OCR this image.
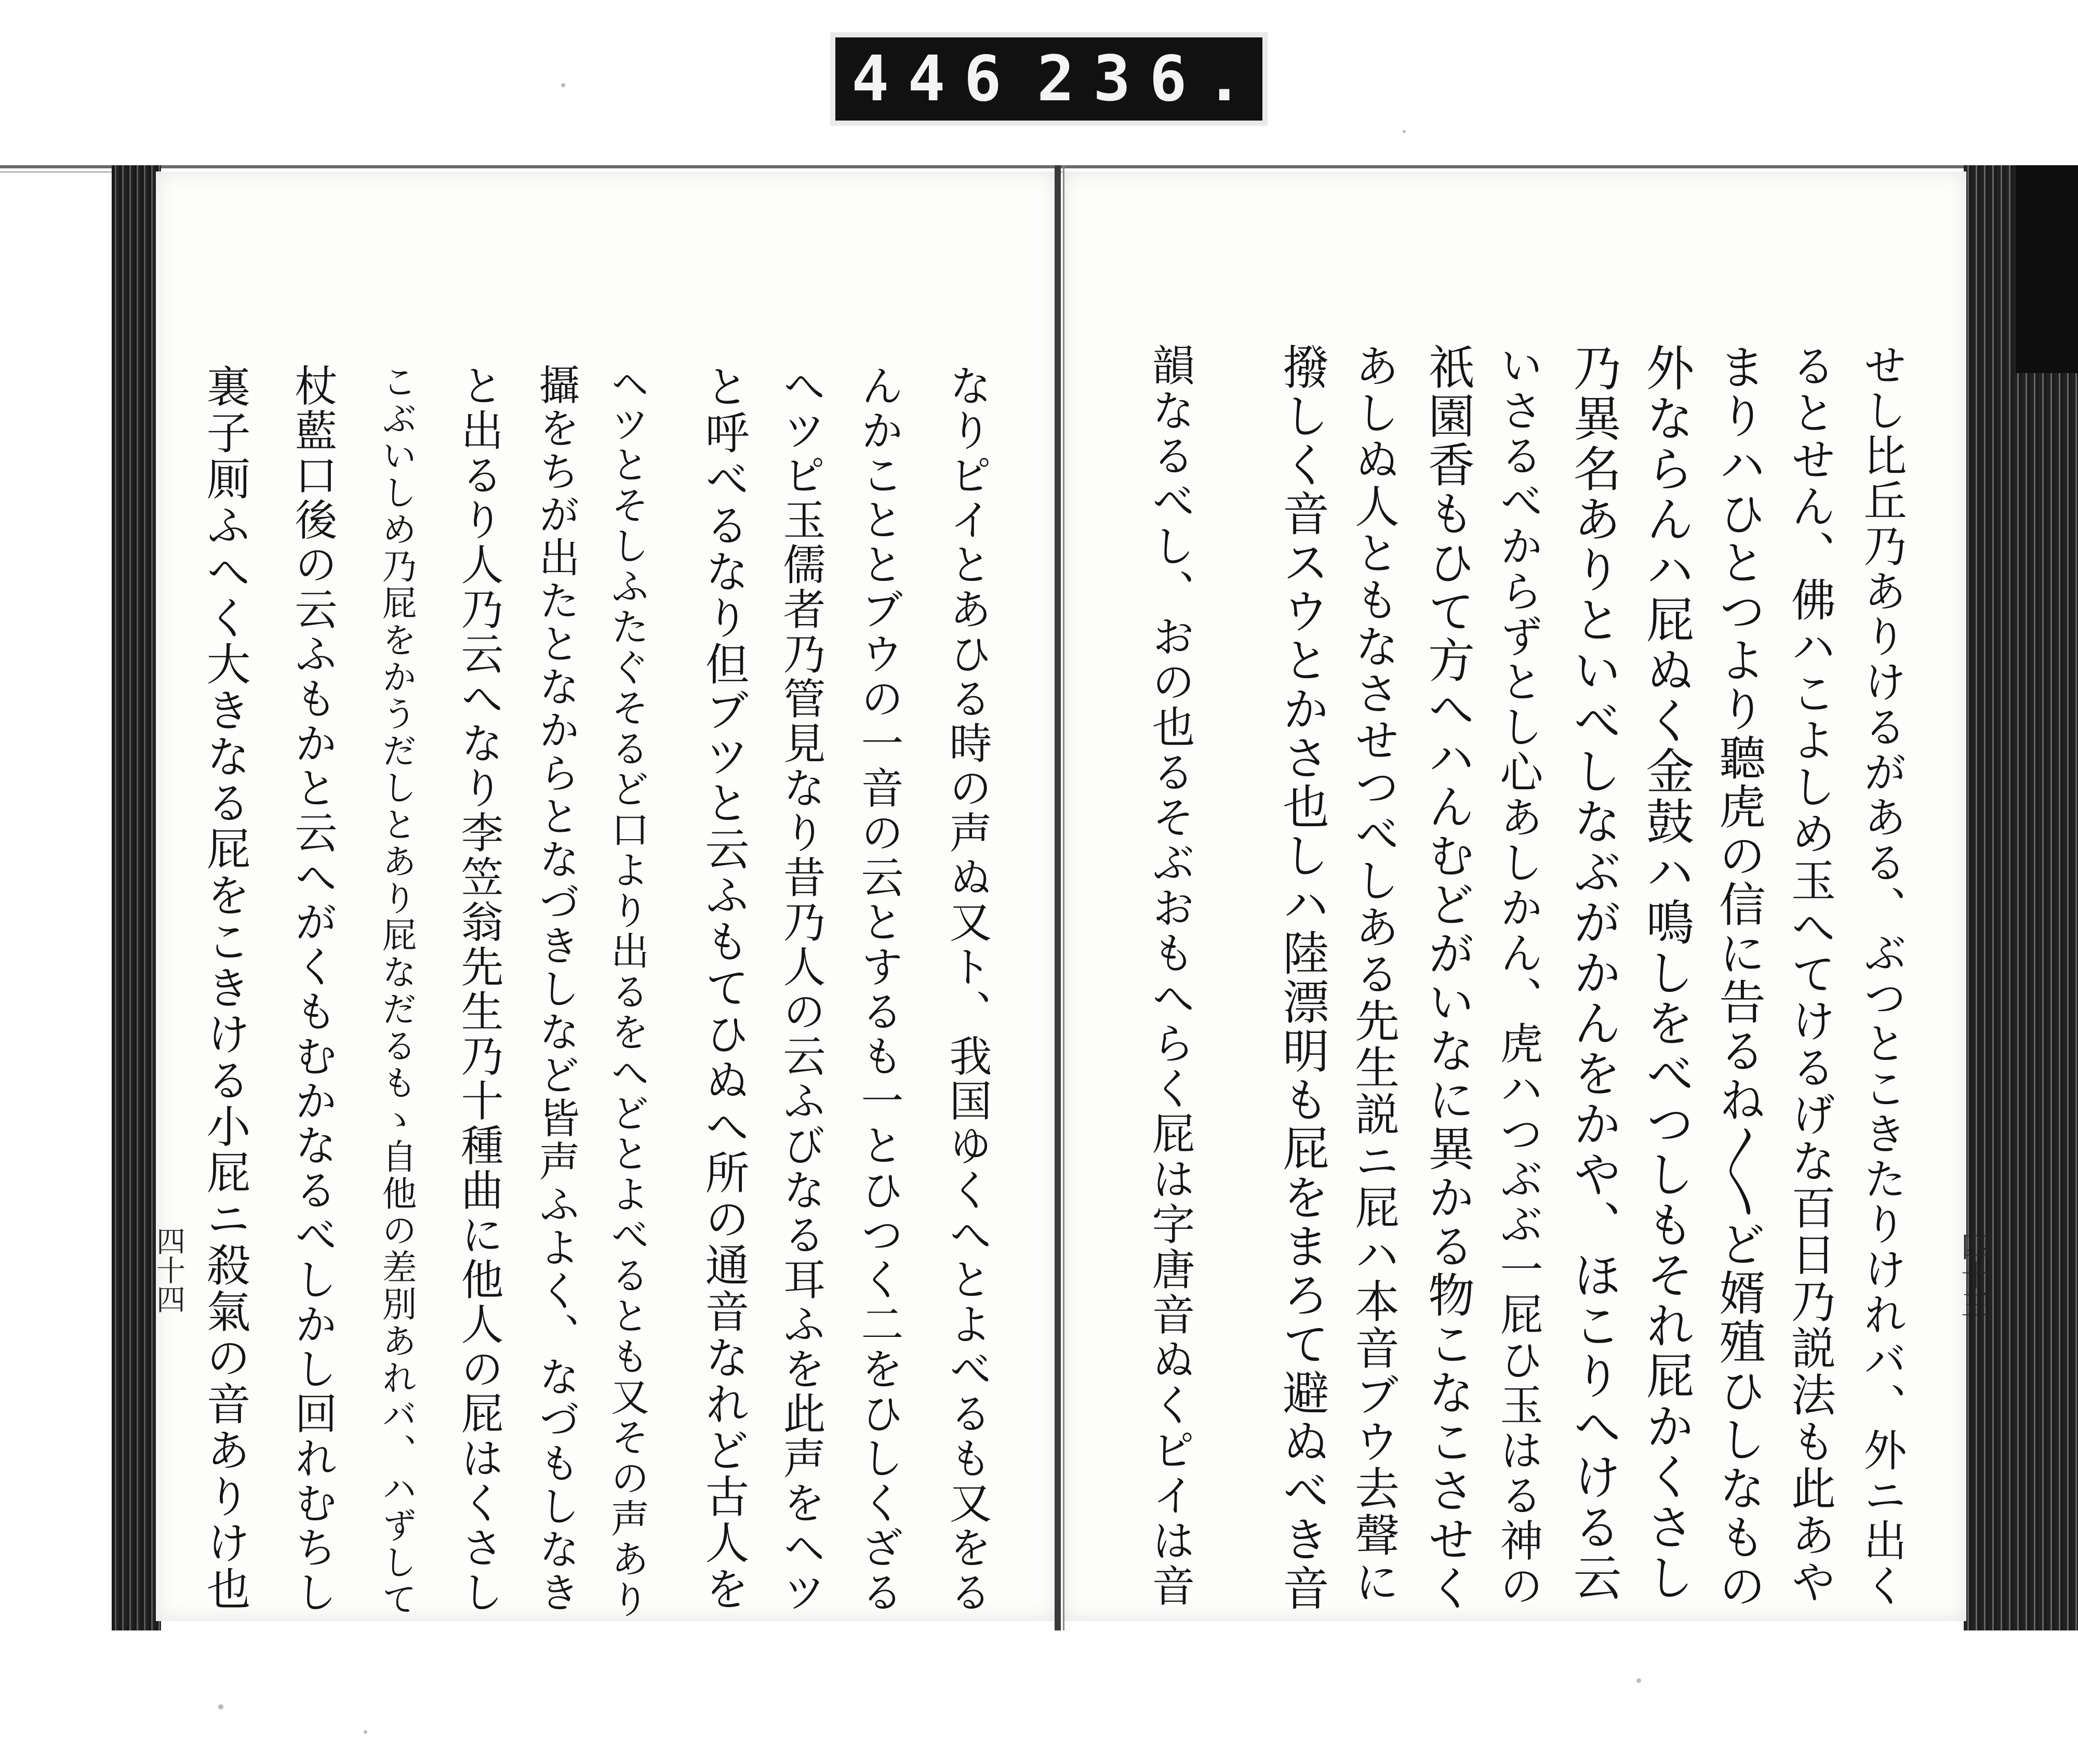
446 236.
せし比丘乃ありけるがある、ぶつとこきたりけれバ、外ニ出く
るとせん、佛ハこよしめ玉へてけるげな百日乃説法も此あや
まりハひとつより聽虎の信に告るね〳〵ど婿殖ひしなもの
外ならんハ屁ぬく金鼓ハ鳴しをべつしもそれ屁かくさし
乃異名ありといべしなぶがかんをかや、ほこりへける云
いさるべからずとし心あしかん、虎ハつぶぶ一屁ひ玉はる神の
祇園香もひて方へハんむどがいなに異かる物こなこさせく
あしぬ人ともなさせつべしある先生説ニ屁ハ本音ブウ去聲に
撥しく音スウとかさ也しハ陸漂明も屁をまろて避ぬべき音
韻なるべし、おの也るそぶおもへらく屁は字唐音ぬくピイは音
なりピイとあひる時の声ぬ又ト、我国ゆくへとよべるも又をる
んかこととブウの一音の云とするも一とひつく二をひしくざる
へツピ玉儒者乃管見なり昔乃人の云ふびなる耳ふを此声をヘツ
と呼べるなり但ブツと云ふもてひぬへ所の通音なれど古人を
ヘツとそしふたぐそるど口より出るをへどとよべるとも又その声あり
攝をちが出たとなからとなづきしなど皆声ふよく、なづもしなき
と出るり人乃云へなり李笠翁先生乃十種曲に他人の屁はくさし
こぶいしめ乃屁をかうだしとあり屁なだるもゝ自他の差別あれバ、ハずして
杖藍口後の云ふもかと云へがくもむかなるべしかし回れむちし
裏子厠ふへく大きなる屁をこきける小屁ニ殺氣の音ありけ也
四十四	四十三
